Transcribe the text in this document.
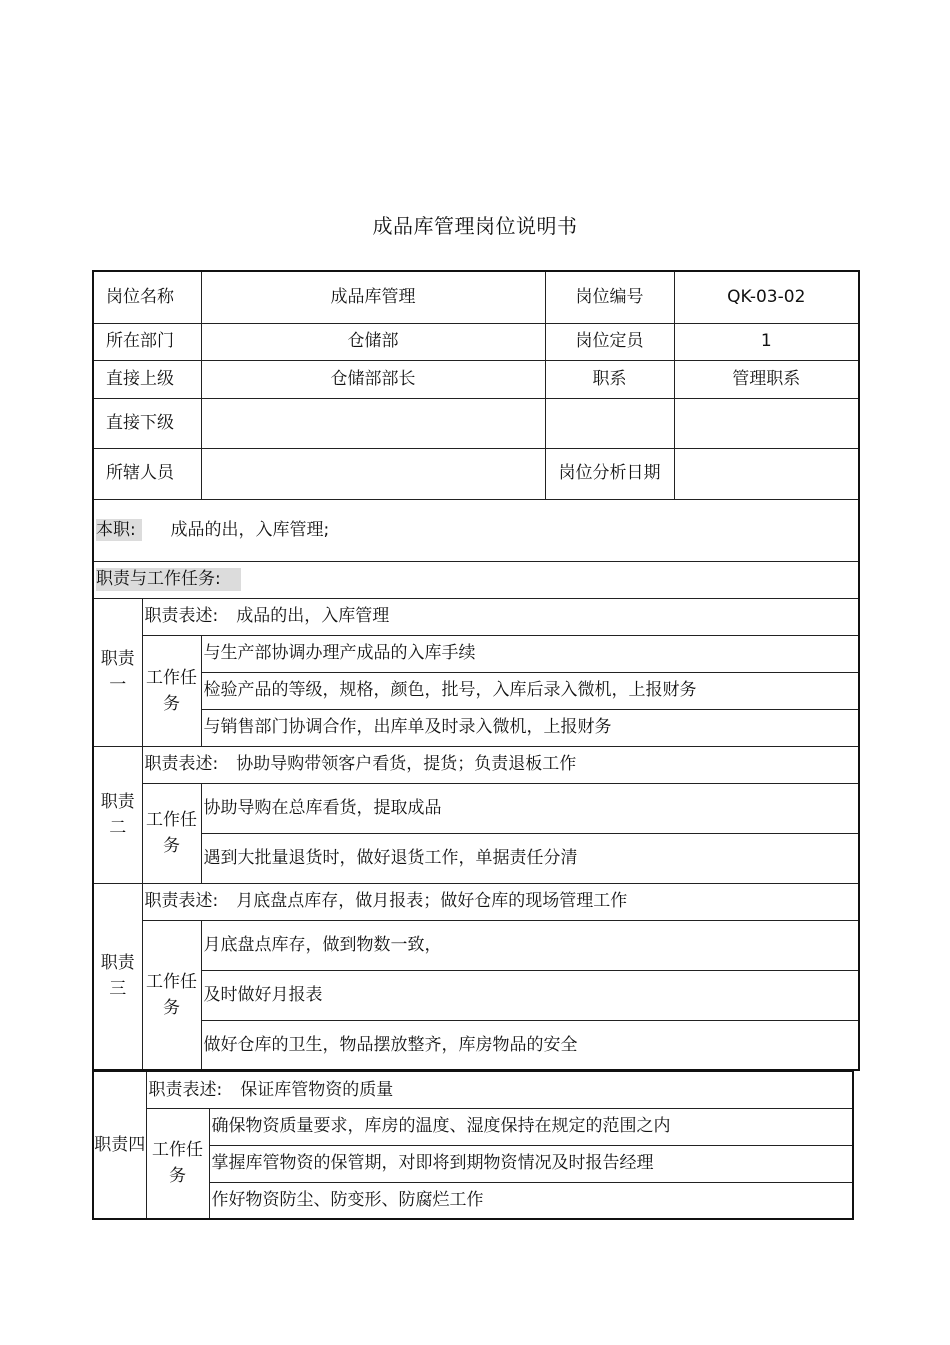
成品库管理岗位说明书
岗位名称		成品库管理	岗位编号	QK-03-02
所在部门		仓储部	岗位定员	1
直接上级		仓储部部长	职系	管理职系
直接下级				
所辖人员			岗位分析日期	
本职: 成品的出，入库管理;				
职责与工作任务:				
职责一	职责表述: 成品的出，入库管理			
	工作任务	与生产部协调办理产成品的入库手续		
		检验产品的等级，规格，颜色，批号，入库后录入微机，上报财务		
		与销售部门协调合作，出库单及时录入微机，上报财务		
职责二	职责表述: 协助导购带领客户看货，提货；负责退板工作			
	工作任务	协助导购在总库看货，提取成品		
		遇到大批量退货时，做好退货工作，单据责任分清		
职责三	职责表述: 月底盘点库存，做月报表；做好仓库的现场管理工作			
	工作任务	月底盘点库存，做到物数一致，		
		及时做好月报表		
		做好仓库的卫生，物品摆放整齐，库房物品的安全		
职责四	职责表述: 保证库管物资的质量	
	工作任务	确保物资质量要求，库房的温度、湿度保持在规定的范围之内
		掌握库管物资的保管期，对即将到期物资情况及时报告经理
		作好物资防尘、防变形、防腐烂工作
